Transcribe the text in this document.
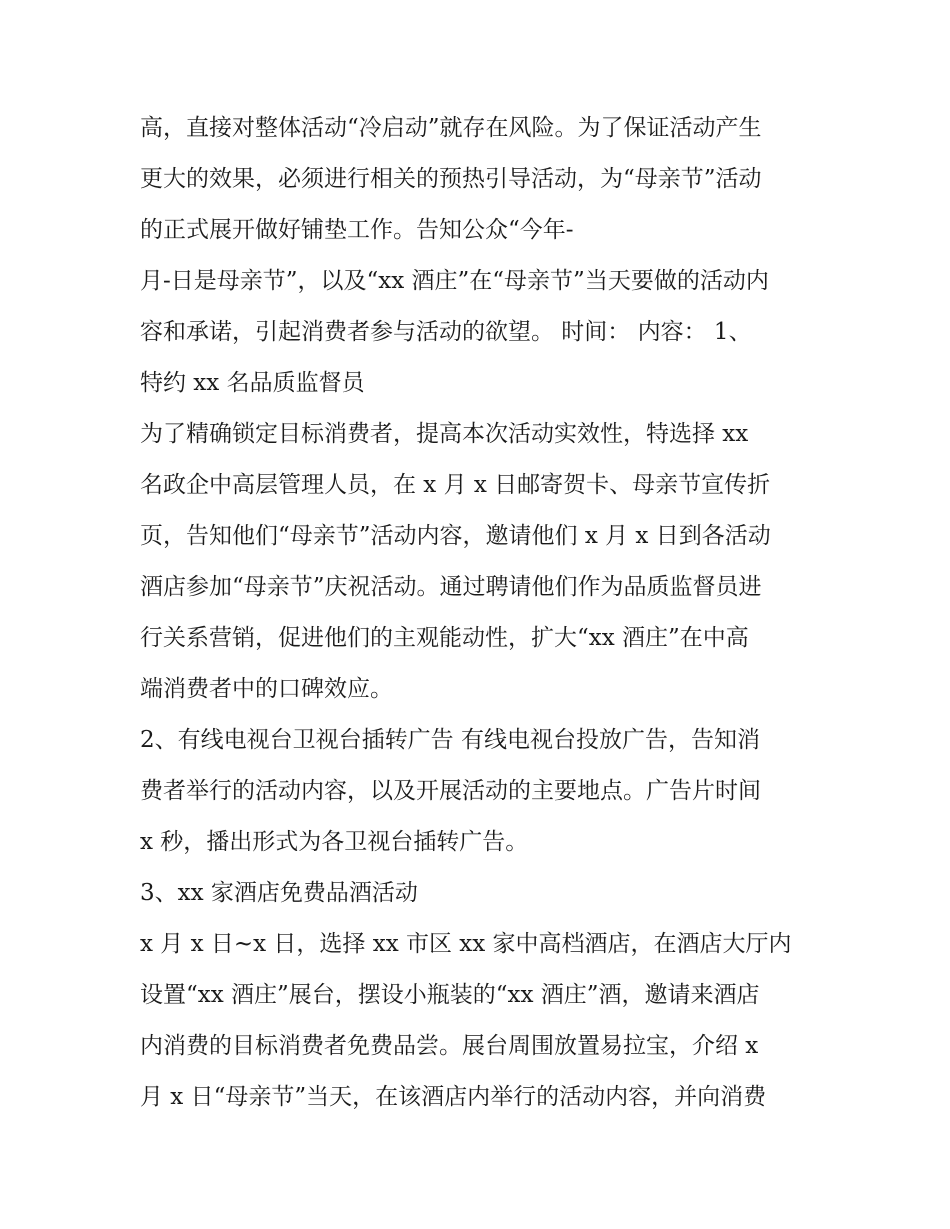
高，直接对整体活动“冷启动”就存在风险。为了保证活动产生
更大的效果，必须进行相关的预热引导活动，为“母亲节”活动
的正式展开做好铺垫工作。告知公众“今年-
月-日是母亲节”，以及“xx 酒庄”在“母亲节”当天要做的活动内
容和承诺，引起消费者参与活动的欲望。 时间： 内容： 1、
特约 xx 名品质监督员
为了精确锁定目标消费者，提高本次活动实效性，特选择 xx
名政企中高层管理人员，在 x 月 x 日邮寄贺卡、母亲节宣传折
页，告知他们“母亲节”活动内容，邀请他们 x 月 x 日到各活动
酒店参加“母亲节”庆祝活动。通过聘请他们作为品质监督员进
行关系营销，促进他们的主观能动性，扩大“xx 酒庄”在中高
端消费者中的口碑效应。
2、有线电视台卫视台插转广告 有线电视台投放广告，告知消
费者举行的活动内容，以及开展活动的主要地点。广告片时间
x 秒，播出形式为各卫视台插转广告。
3、xx 家酒店免费品酒活动
x 月 x 日~x 日，选择 xx 市区 xx 家中高档酒店，在酒店大厅内
设置“xx 酒庄”展台，摆设小瓶装的“xx 酒庄”酒，邀请来酒店
内消费的目标消费者免费品尝。展台周围放置易拉宝，介绍 x
月 x 日“母亲节”当天，在该酒店内举行的活动内容，并向消费
